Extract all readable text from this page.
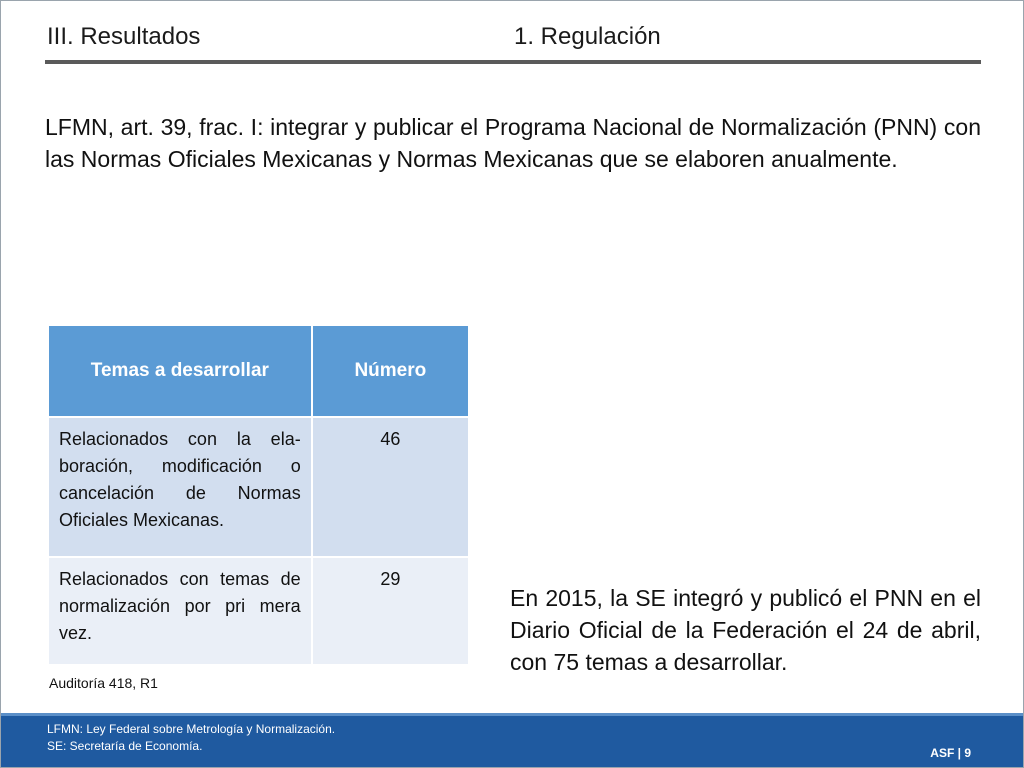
III. Resultados	1. Regulación
LFMN, art. 39, frac. I: integrar y publicar el Programa Nacional de Normalización (PNN) con las Normas Oficiales Mexicanas y Normas Mexicanas que se elaboren anualmente.
Temas a desarrollar	Número
Relacionados con la ela-boración, modificación o cancelación de Normas Oficiales Mexicanas.	46
Relacionados con temas de normalización por pri mera vez.	29
Auditoría 418, R1
En 2015, la SE integró y publicó el PNN en el Diario Oficial de la Federación el 24 de abril, con 75 temas a desarrollar.
LFMN: Ley Federal sobre Metrología y Normalización.
SE: Secretaría de Economía.	ASF | 9
